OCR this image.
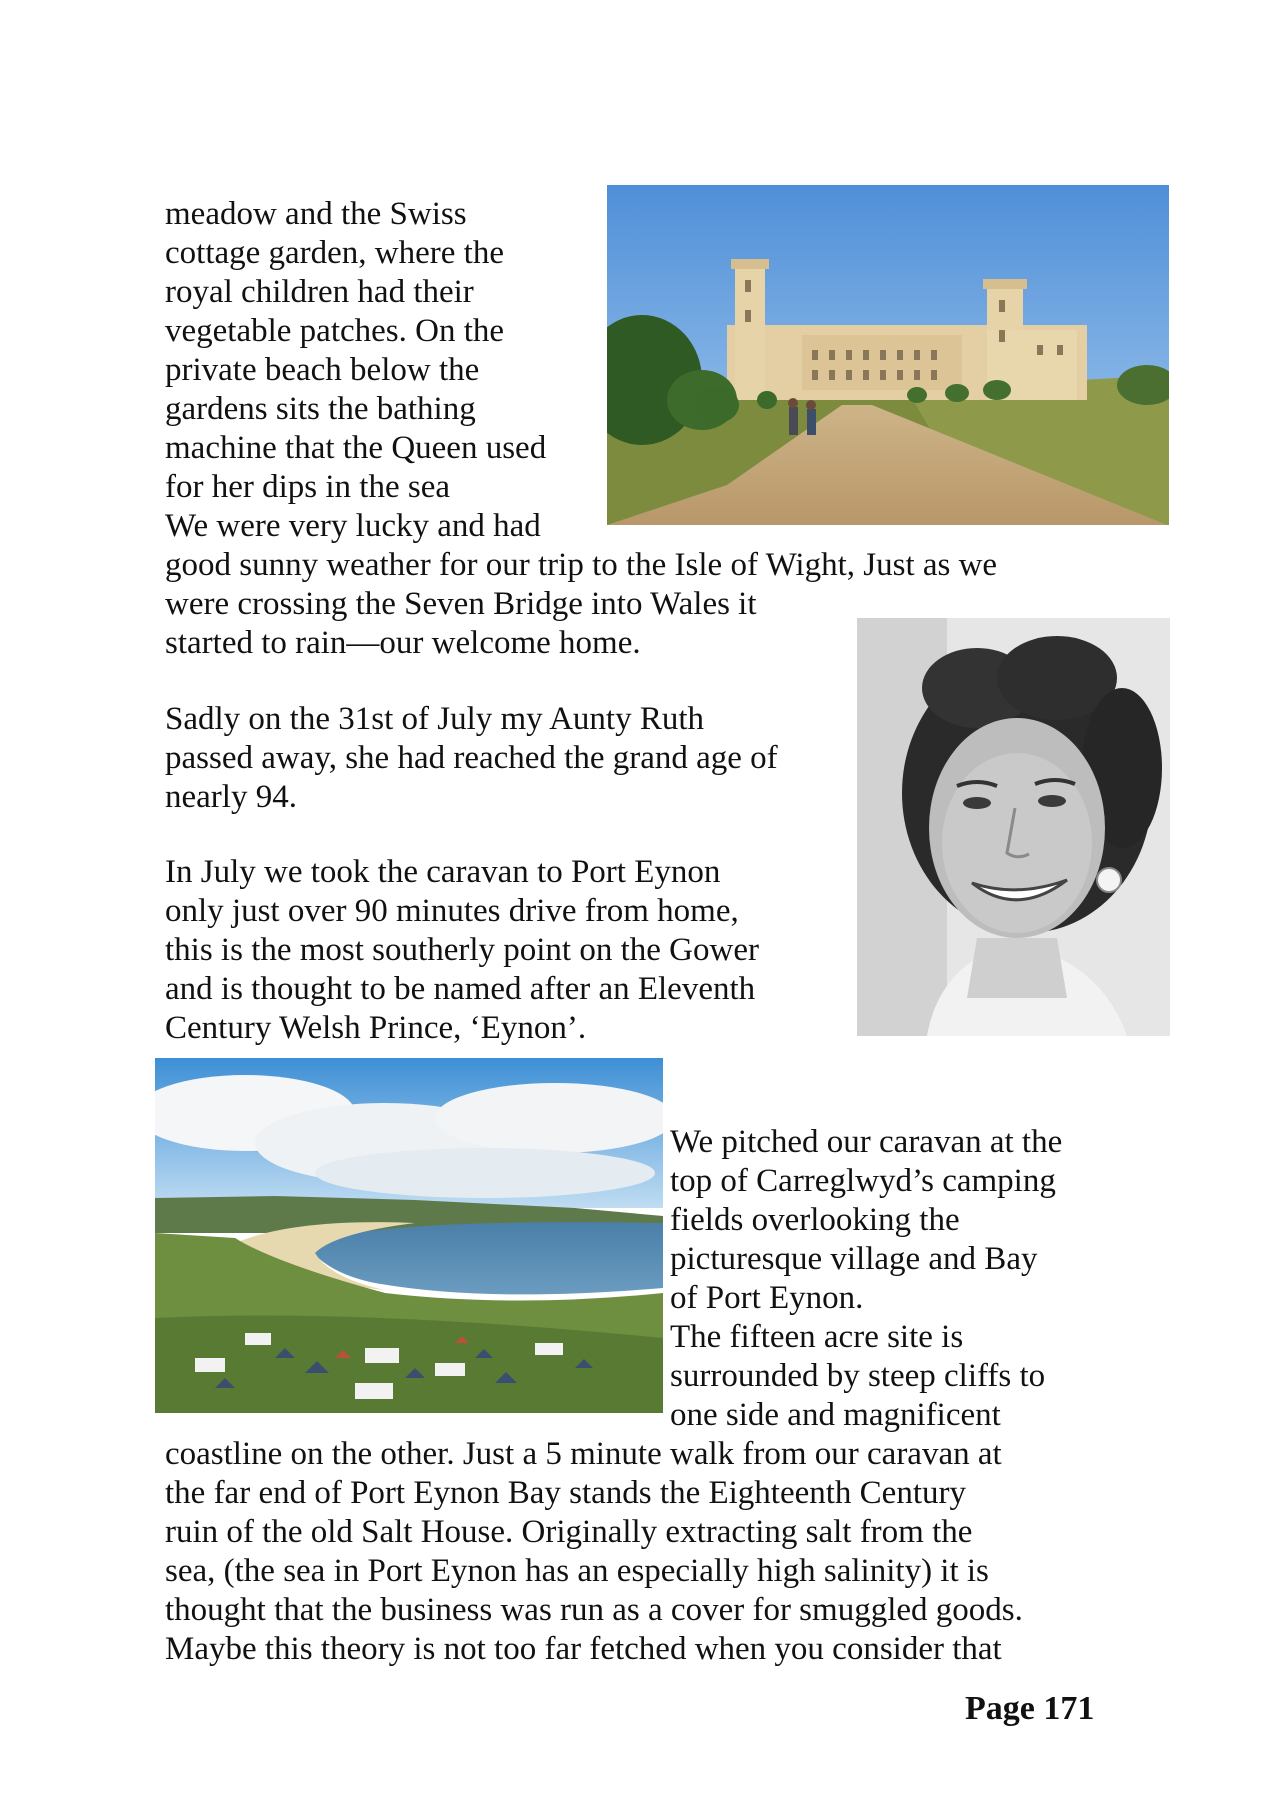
meadow and the Swiss
cottage garden, where the
royal children had their
vegetable patches. On the
private beach below the
gardens sits the bathing
machine that the Queen used
for her dips in the sea
We were very lucky and had
good sunny weather for our trip to the Isle of Wight, Just as we
were crossing the Seven Bridge into Wales it
started to rain—our welcome home.
Sadly on the 31st of July my Aunty Ruth
passed away, she had reached the grand age of
nearly 94.
In July we took the caravan to Port Eynon
only just over 90 minutes drive from home,
this is the most southerly point on the Gower
and is thought to be named after an Eleventh
Century Welsh Prince, ‘Eynon’.
We pitched our caravan at the
top of Carreglwyd’s camping
fields overlooking the
picturesque village and Bay
of Port Eynon.
The fifteen acre site is
surrounded by steep cliffs to
one side and magnificent
coastline on the other. Just a 5 minute walk from our caravan at
the far end of Port Eynon Bay stands the Eighteenth Century
ruin of the old Salt House. Originally extracting salt from the
sea, (the sea in Port Eynon has an especially high salinity) it is
thought that the business was run as a cover for smuggled goods.
Maybe this theory is not too far fetched when you consider that
Page 171
